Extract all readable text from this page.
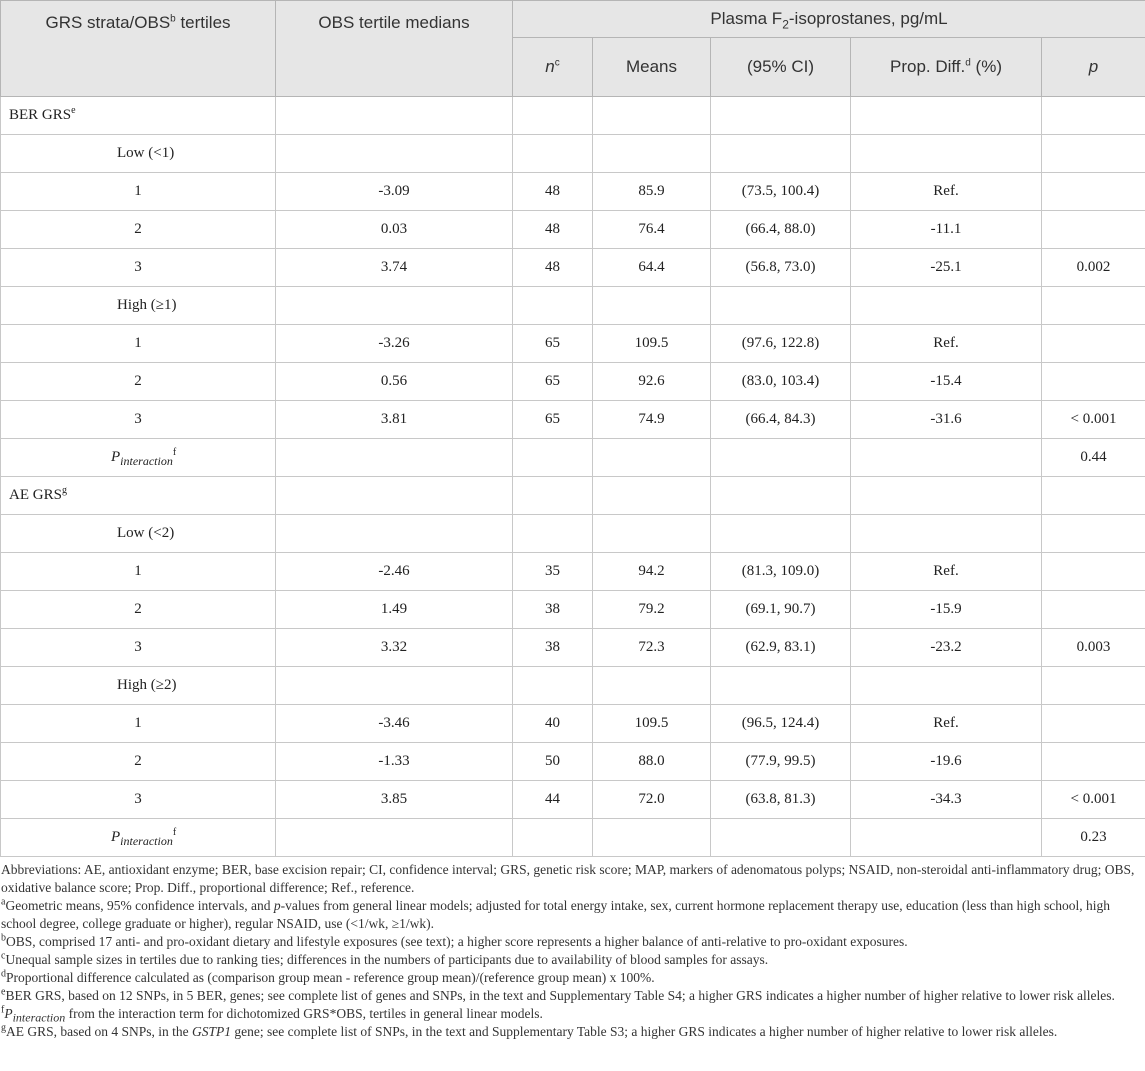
GRS strata/OBS$^b$ tertiles	OBS tertile medians	Plasma $F_2$-isoprostanes, pg/mL				
		$n^c$	Means	(95% CI)	Prop. Diff.$^d$ (%)	p
BER GRS$^e$						
Low (<1)						
1	-3.09	48	85.9	(73.5, 100.4)	Ref.	
2	0.03	48	76.4	(66.4, 88.0)	-11.1	
3	3.74	48	64.4	(56.8, 73.0)	-25.1	0.002
High (≥1)						
1	-3.26	65	109.5	(97.6, 122.8)	Ref.	
2	0.56	65	92.6	(83.0, 103.4)	-15.4	
3	3.81	65	74.9	(66.4, 84.3)	-31.6	< 0.001
$P_{interaction}^f$						0.44
AE GRS$^g$						
Low (<2)						
1	-2.46	35	94.2	(81.3, 109.0)	Ref.	
2	1.49	38	79.2	(69.1, 90.7)	-15.9	
3	3.32	38	72.3	(62.9, 83.1)	-23.2	0.003
High (≥2)						
1	-3.46	40	109.5	(96.5, 124.4)	Ref.	
2	-1.33	50	88.0	(77.9, 99.5)	-19.6	
3	3.85	44	72.0	(63.8, 81.3)	-34.3	< 0.001
$P_{interaction}^f$						0.23

Abbreviations: AE, antioxidant enzyme; BER, base excision repair; CI, confidence interval; GRS, genetic risk score; MAP, markers of adenomatous polyps; NSAID, non-steroidal anti-inflammatory drug; OBS, oxidative balance score; Prop. Diff., proportional difference; Ref., reference.

$^a$Geometric means, 95% confidence intervals, and p-values from general linear models; adjusted for total energy intake, sex, current hormone replacement therapy use, education (less than high school, high school degree, college graduate or higher), regular NSAID, use (<1/wk, ≥1/wk).

$^b$OBS, comprised 17 anti- and pro-oxidant dietary and lifestyle exposures (see text); a higher score represents a higher balance of anti-relative to pro-oxidant exposures.

$^c$Unequal sample sizes in tertiles due to ranking ties; differences in the numbers of participants due to availability of blood samples for assays.

$^d$Proportional difference calculated as (comparison group mean - reference group mean)/(reference group mean) x 100%.

$^e$BER GRS, based on 12 SNPs, in 5 BER, genes; see complete list of genes and SNPs, in the text and Supplementary Table S4; a higher GRS indicates a higher number of higher relative to lower risk alleles.

$^fP_{interaction}$ from the interaction term for dichotomized GRS*OBS, tertiles in general linear models.

$^g$AE GRS, based on 4 SNPs, in the GSTP1 gene; see complete list of SNPs, in the text and Supplementary Table S3; a higher GRS indicates a higher number of higher relative to lower risk alleles.
